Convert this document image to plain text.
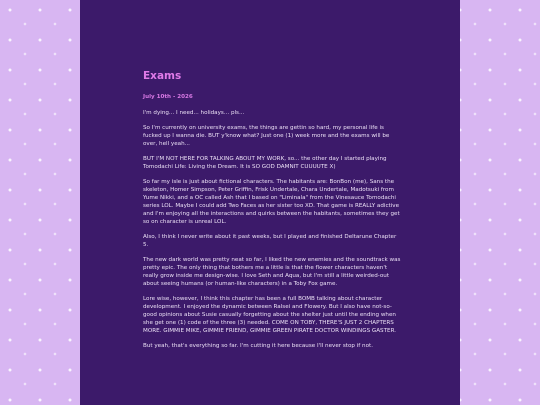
Exams
July 10th - 2026

I'm dying... I need... holidays... pls...

So I'm currently on university exams, the things are gettin so hard, my personal life is fucked up I wanna die. BUT y'know what? Just one (1) week more and the exams will be over, hell yeah...

BUT I'M NOT HERE FOR TALKING ABOUT MY WORK, so... the other day I started playing Tomodachi Life: Living the Dream. It is SO GOD DAMNIT CUUUUTE X)

So far my isle is just about fictional characters. The habitants are: BonBon (me), Sans the skeleton, Homer Simpson, Peter Griffin, Frisk Undertale, Chara Undertale, Madotsuki from Yume Nikki, and a OC called Ash that I based on "Liminala" from the Vinesauce Tomodachi series LOL. Maybe I could add Two Faces as her sister too XD. That game is REALLY adictive and I'm enjoying all the interactions and quirks between the habitants, sometimes they get so on character is unreal LOL.

Also, I think I never write about it past weeks, but I played and finished Deltarune Chapter 5.

The new dark world was pretty neat so far, I liked the new enemies and the soundtrack was pretty epic. The only thing that bothers me a little is that the flower characters haven't really grow inside me design-wise. I love Seth and Aqua, but I'm still a little weirded-out about seeing humans (or human-like characters) in a Toby Fox game.

Lore wise, however, I think this chapter has been a full BOMB talking about character development. I enjoyed the dynamic between Ralsei and Flowery. But I also have not-so-good opinions about Susie casually forgetting about the shelter just until the ending when she get one (1) code of the three (3) needed. COME ON TOBY, THERE'S JUST 2 CHAPTERS MORE. GIMMIE MIKE, GIMMIE FRIEND, GIMMIE GREEN PIRATE DOCTOR WINDINGS GASTER.

But yeah, that's everything so far. I'm cutting it here because I'll never stop if not.
